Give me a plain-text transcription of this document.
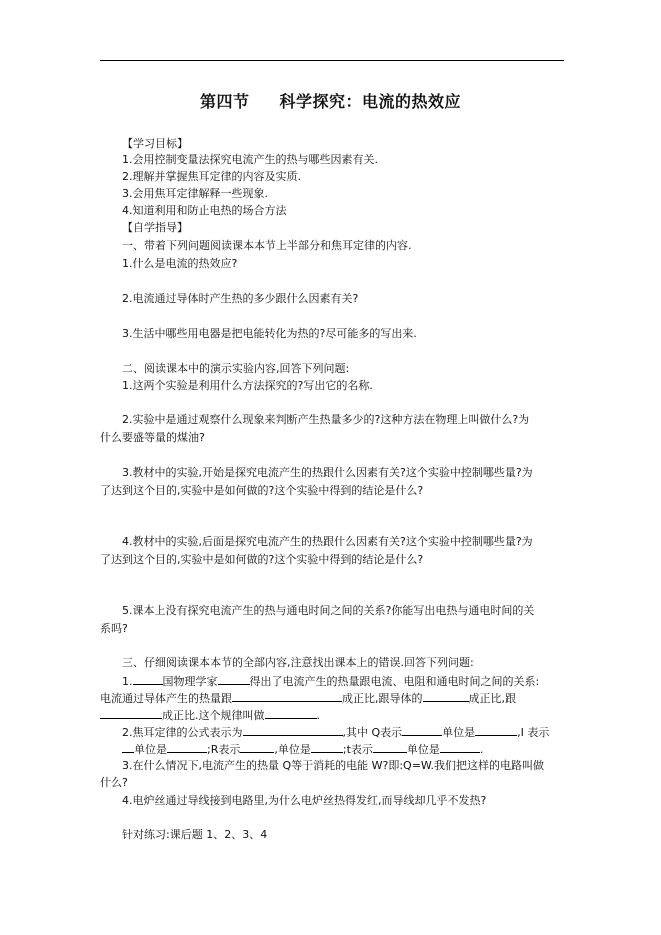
第四节 科学探究：电流的热效应
【学习目标】
1.会用控制变量法探究电流产生的热与哪些因素有关.
2.理解并掌握焦耳定律的内容及实质.
3.会用焦耳定律解释一些现象.
4.知道利用和防止电热的场合方法
【自学指导】
一、带着下列问题阅读课本本节上半部分和焦耳定律的内容.
1.什么是电流的热效应?
2.电流通过导体时产生热的多少跟什么因素有关?
3.生活中哪些用电器是把电能转化为热的?尽可能多的写出来.
二、阅读课本中的演示实验内容,回答下列问题:
1.这两个实验是利用什么方法探究的?写出它的名称.
2.实验中是通过观察什么现象来判断产生热量多少的?这种方法在物理上叫做什么?为
什么要盛等量的煤油?
3.教材中的实验,开始是探究电流产生的热跟什么因素有关?这个实验中控制哪些量?为
了达到这个目的,实验中是如何做的?这个实验中得到的结论是什么?
4.教材中的实验,后面是探究电流产生的热跟什么因素有关?这个实验中控制哪些量?为
了达到这个目的,实验中是如何做的?这个实验中得到的结论是什么?
5.课本上没有探究电流产生的热与通电时间之间的关系?你能写出电热与通电时间的关
系吗?
三、仔细阅读课本本节的全部内容,注意找出课本上的错误.回答下列问题:
1.	国物理学家	得出了电流产生的热量跟电流、电阻和通电时间之间的关系:
电流通过导体产生的热量跟	成正比,跟导体的	成正比,跟
成正比.这个规律叫做	.
2.焦耳定律的公式表示为	,其中 Q表示	单位是	,I 表示
单位是	;R表示	,单位是	;t表示	单位是	.
3.在什么情况下,电流产生的热量 Q等于消耗的电能 W?即:Q=W.我们把这样的电路叫做
什么?
4.电炉丝通过导线接到电路里,为什么电炉丝热得发红,而导线却几乎不发热?
针对练习:课后题 1、2、3、4
